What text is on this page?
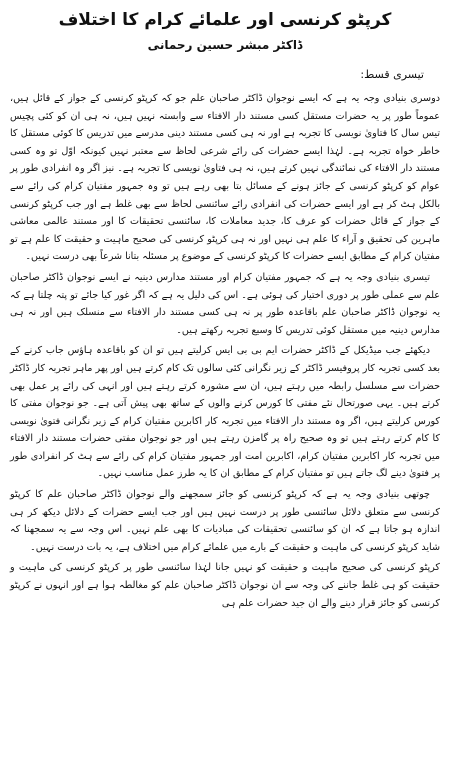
کرپٹو کرنسی اور علمائے کرام کا اختلاف
ڈاکٹر مبشر حسین رحمانی
تیسری قسط:

دوسری بنیادی وجہ یہ ہے کہ ایسے نوجوان ڈاکٹر صاحبان علم جو کہ کرپٹو کرنسی کے جواز کے قائل ہیں، عموماً طور پر یہ حضرات مستقل کسی مستند دار الافتاء سے وابستہ نہیں ہیں، نہ ہی ان کو کئی پچیس تیس سال کا فتاویٰ نویسی کا تجربہ ہے اور نہ ہی کسی مستند دینی مدرسے میں تدریس کا کوئی مستقل کا خاطر خواہ تجربہ ہے۔ لہٰذا ایسے حضرات کی رائے شرعی لحاظ سے معتبر نہیں کیونکہ اوّل تو وہ کسی مستند دار الافتاء کی نمائندگی نہیں کرتے ہیں، نہ ہی فتاویٰ نویسی کا تجربہ ہے۔ نیز اگر وہ انفرادی طور پر عوام کو کرپٹو کرنسی کے جائز ہونے کے مسائل بتا بھی رہے ہیں تو وہ جمہور مفتیان کرام کی رائے سے بالکل ہٹ کر ہے اور ایسے حضرات کی انفرادی رائے سائنسی لحاظ سے بھی غلط ہے اور جب کرپٹو کرنسی کے جواز کے قائل حضرات کو عرف کا، جدید معاملات کا، سائنسی تحقیقات کا اور مستند عالمی معاشی ماہرین کی تحقیق و آراء کا علم ہی نہیں اور نہ ہی کرپٹو کرنسی کی صحیح ماہیت و حقیقت کا علم ہے تو مفتیان کرام کے مطابق ایسے حضرات کا کرپٹو کرنسی کے موضوع پر مسئلہ بتانا شرعاً بھی درست نہیں۔

تیسری بنیادی وجہ یہ ہے کہ جمہور مفتیان کرام اور مستند مدارس دینیہ نے ایسے نوجوان ڈاکٹر صاحبان علم سے عملی طور پر دوری اختیار کی ہوئی ہے۔ اس کی دلیل یہ ہے کہ اگر غور کیا جائے تو پتہ چلتا ہے کہ یہ نوجوان ڈاکٹر صاحبان علم باقاعدہ طور پر نہ ہی کسی مستند دار الافتاء سے منسلک ہیں اور نہ ہی مدارس دینیہ میں مستقل کوئی تدریس کا وسیع تجربہ رکھتے ہیں۔

دیکھئے جب میڈیکل کے ڈاکٹر حضرات ایم بی بی ایس کرلیتے ہیں تو ان کو باقاعدہ ہاؤس جاب کرنے کے بعد کسی تجربہ کار پروفیسر ڈاکٹر کے زیر نگرانی کئی سالوں تک کام کرتے ہیں اور پھر ماہر تجربہ کار ڈاکٹر حضرات سے مسلسل رابطہ میں رہتے ہیں، ان سے مشورہ کرتے رہتے ہیں اور انہی کی رائے پر عمل بھی کرتے ہیں۔ یہی صورتحال نئے مفتی کا کورس کرنے والوں کے ساتھ بھی پیش آتی ہے۔ جو نوجوان مفتی کا کورس کرلیتے ہیں، اگر وہ مستند دار الافتاء میں تجربہ کار اکابرین مفتیان کرام کے زیر نگرانی فتویٰ نویسی کا کام کرتے رہتے ہیں تو وہ صحیح راہ پر گامزن رہتے ہیں اور جو نوجوان مفتی حضرات مستند دار الافتاء میں تجربہ کار اکابرین مفتیان کرام، اکابرین امت اور جمہور مفتیان کرام کی رائے سے ہٹ کر انفرادی طور پر فتویٰ دینے لگ جاتے ہیں تو مفتیان کرام کے مطابق ان کا یہ طرز عمل مناسب نہیں۔

چوتھی بنیادی وجہ یہ ہے کہ کرپٹو کرنسی کو جائز سمجھنے والے نوجوان ڈاکٹر صاحبان علم کا کرپٹو کرنسی سے متعلق دلائل سائنسی طور پر درست نہیں ہیں اور جب ایسے حضرات کے دلائل دیکھ کر ہی اندازہ ہو جاتا ہے کہ ان کو سائنسی تحقیقات کی مبادیات کا بھی علم نہیں۔ اس وجہ سے یہ سمجھنا کہ شاید کرپٹو کرنسی کی ماہیت و حقیقت کے بارے میں علمائے کرام میں اختلاف ہے، یہ بات درست نہیں۔

کرپٹو کرنسی کی صحیح ماہیت و حقیقت کو نہیں جانا لہٰذا سائنسی طور پر کرپٹو کرنسی کی ماہیت و حقیقت کو ہی غلط جاننے کی وجہ سے ان نوجوان ڈاکٹر صاحبان علم کو مغالطہ ہوا ہے اور انہوں نے کرپٹو کرنسی کو جائز قرار دینے والے ان جید حضرات علم ہی
